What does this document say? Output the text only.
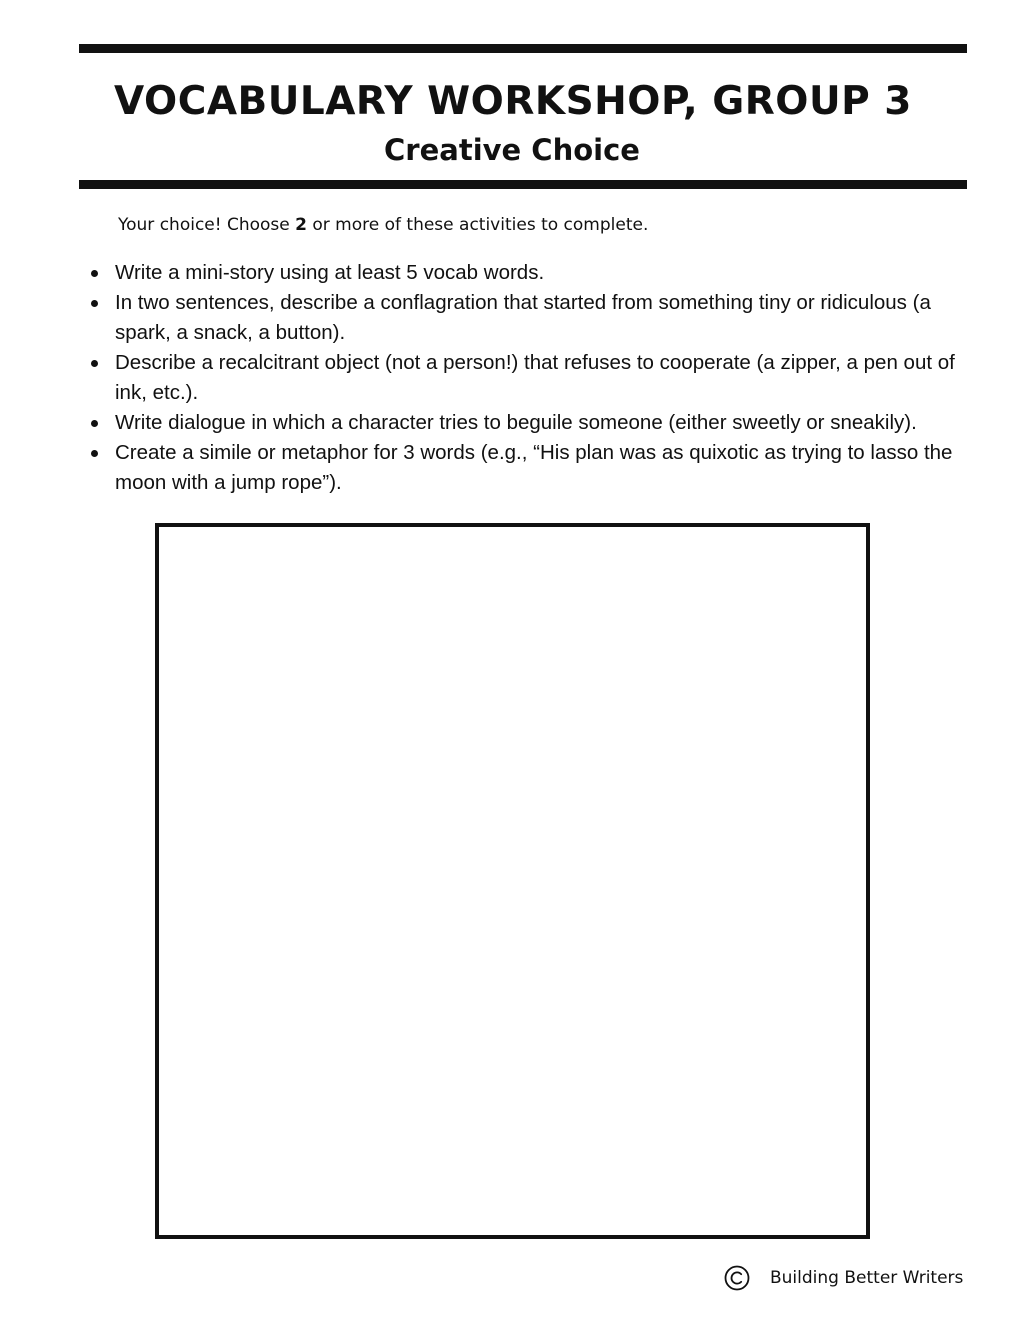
VOCABULARY WORKSHOP, GROUP 3
Creative Choice

Your choice! Choose 2 or more of these activities to complete.

Write a mini-story using at least 5 vocab words.
In two sentences, describe a conflagration that started from something tiny or ridiculous (a spark, a snack, a button).
Describe a recalcitrant object (not a person!) that refuses to cooperate (a zipper, a pen out of ink, etc.).
Write dialogue in which a character tries to beguile someone (either sweetly or sneakily).
Create a simile or metaphor for 3 words (e.g., “His plan was as quixotic as trying to lasso the moon with a jump rope”).
Building Better Writers
